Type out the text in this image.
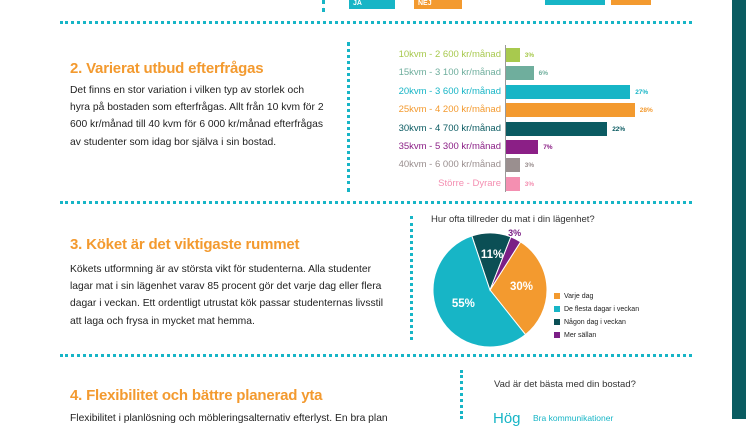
JA	NEJ
2. Varierat utbud efterfrågas
Det finns en stor variation i vilken typ av storlek och hyra på bostaden som efterfrågas. Allt från 10 kvm för 2 600 kr/månad till 40 kvm för 6 000 kr/månad efterfrågas av studenter som idag bor själva i sin bostad.
10kvm - 2 600 kr/månad	3%
15kvm - 3 100 kr/månad	6%
20kvm - 3 600 kr/månad	27%
25kvm - 4 200 kr/månad	28%
30kvm - 4 700 kr/månad	22%
35kvm - 5 300 kr/månad	7%
40kvm - 6 000 kr/månad	3%
Större - Dyrare	3%
3. Köket är det viktigaste rummet
Kökets utformning är av största vikt för studenterna. Alla studenter lagar mat i sin lägenhet varav 85 procent gör det varje dag eller flera dagar i veckan. Ett ordentligt utrustat kök passar studenternas livsstil att laga och frysa in mycket mat hemma.
Hur ofta tillreder du mat i din lägenhet?
30%
55%
11%
3%
Varje dag
De flesta dagar i veckan
Någon dag i veckan
Mer sällan
4. Flexibilitet och bättre planerad yta
Flexibilitet i planlösning och möbleringsalternativ efterlyst. En bra plan
Vad är det bästa med din bostad?
Hög Bra kommunikationer
